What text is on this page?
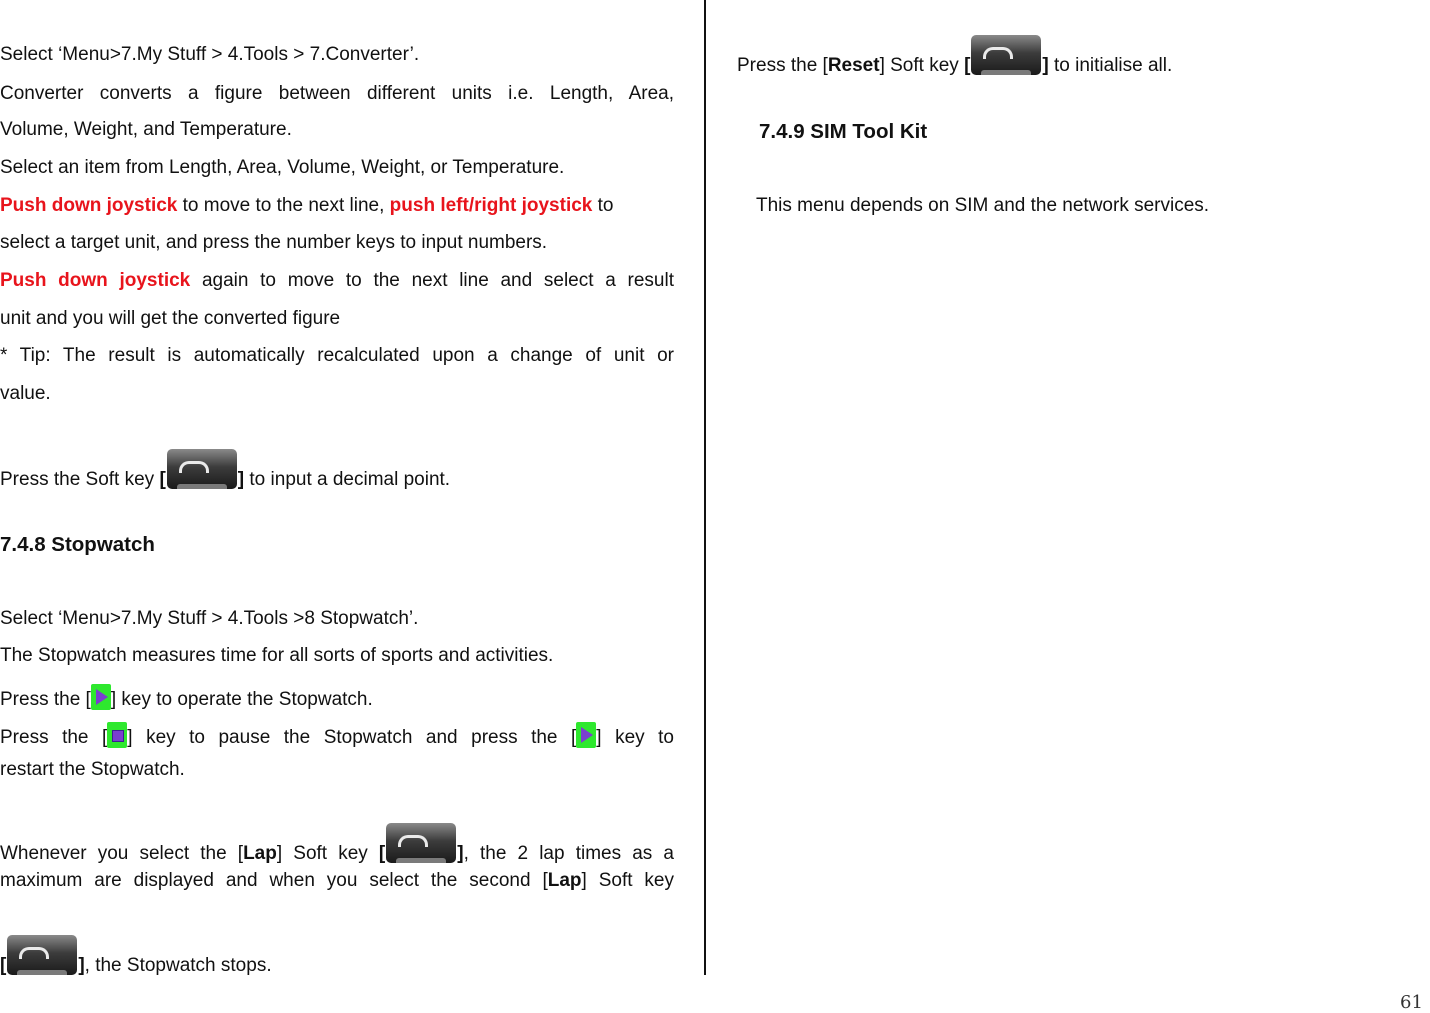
Select ‘Menu>7.My Stuff > 4.Tools > 7.Converter’.
Converter converts a figure between different units i.e. Length, Area,
Volume, Weight, and Temperature.
Select an item from Length, Area, Volume, Weight, or Temperature.
Push down joystick to move to the next line, push left/right joystick to
select a target unit, and press the number keys to input numbers.
Push down joystick again to move to the next line and select a result
unit and you will get the converted figure
* Tip: The result is automatically recalculated upon a change of unit or
value.
Press the Soft key [	] to input a decimal point.
7.4.8 Stopwatch
Select ‘Menu>7.My Stuff > 4.Tools >8 Stopwatch’.
The Stopwatch measures time for all sorts of sports and activities.
Press the [ ] key to operate the Stopwatch.
Press the [ ] key to pause the Stopwatch and press the [ ] key to
restart the Stopwatch.
Whenever you select the [Lap] Soft key [	], the 2 lap times as a
maximum are displayed and when you select the second [Lap] Soft key
[	], the Stopwatch stops.
Press the [Reset] Soft key [	] to initialise all.
7.4.9 SIM Tool Kit
This menu depends on SIM and the network services.
61
